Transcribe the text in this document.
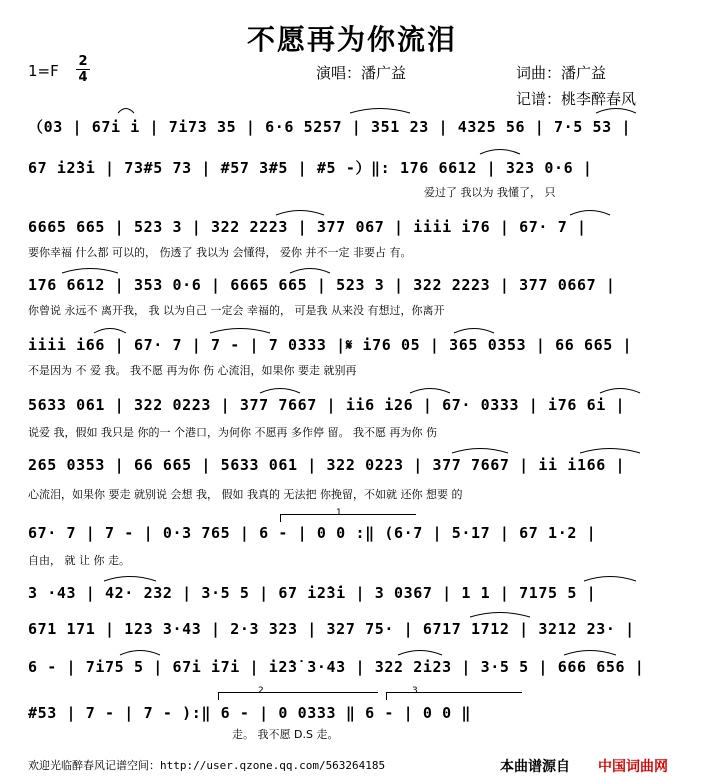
不愿再为你流泪
1=F
2
4	演唱：潘广益	词曲：潘广益
记谱：桃李醉春风
（03 | 67i i | 7i73 35 | 6·6 5257 | 351 23 | 4325 56 | 7·5 53 |
67 i2̇3̇i | 73#5 73 | #57 3#5 | #5 -）‖: 176 6612 | 323 0·6 |
爱过了 我以为 我懂了， 只
6665 665 | 523 3 | 322 2223 | 377 067 | iiii i76 | 67· 7 |
要你幸福 什么都 可以的， 伤透了 我以为 会懂得， 爱你 并不一定 非要占 有。
176 6612 | 353 0·6 | 6665 665 | 523 3 | 322 2223 | 377 0667 |
你曾说 永远不 离开我， 我 以为自己 一定会 幸福的， 可是我 从来没 有想过，你离开
iiii i66 | 67· 7 | 7 - | 7 0333 |𝄋 i76 05 | 365 0353 | 66 665 |
不是因为 不 爱 我。 我不愿 再为你 伤 心流泪，如果你 要走 就别再
5633 061 | 322 0223 | 377 7667 | ii6 i26 | 67· 0333 | i76 6i |
说爱 我，假如 我只是 你的一 个港口，为何你 不愿再 多作停 留。 我不愿 再为你 伤
265 0353 | 66 665 | 5633 061 | 322 0223 | 377 7667 | ii i166 |
心流泪，如果你 要走 就别说 会想 我， 假如 我真的 无法把 你挽留，不如就 还你 想要 的
67· 7 | 7 - | 0·3 765 | 6 - | 0 0 :‖ (6·7 | 5·17 | 67 1·2 |
自由， 就 让 你 走。
3 ·43 | 42· 232 | 3·5 5 | 67 i2̇3̇i | 3 0367 | 1 1 | 7175 5 |
671 171 | 123 3·43 | 2·3 323 | 327 75· | 6717 1712 | 3212 23· |
6 - | 7i75 5 | 67i i7i | i2̇3̇ 3·43 | 322 2i23 | 3·5 5 | 666 656 |
#53 | 7 - | 7 - ):‖ 6 - | 0 0333 ‖ 6 - | 0 0 ‖
走。 我不愿 D.S 走。
1
2	3
欢迎光临醉春风记谱空间：http://user.qzone.qq.com/563264185	本曲谱源自 中国词曲网
